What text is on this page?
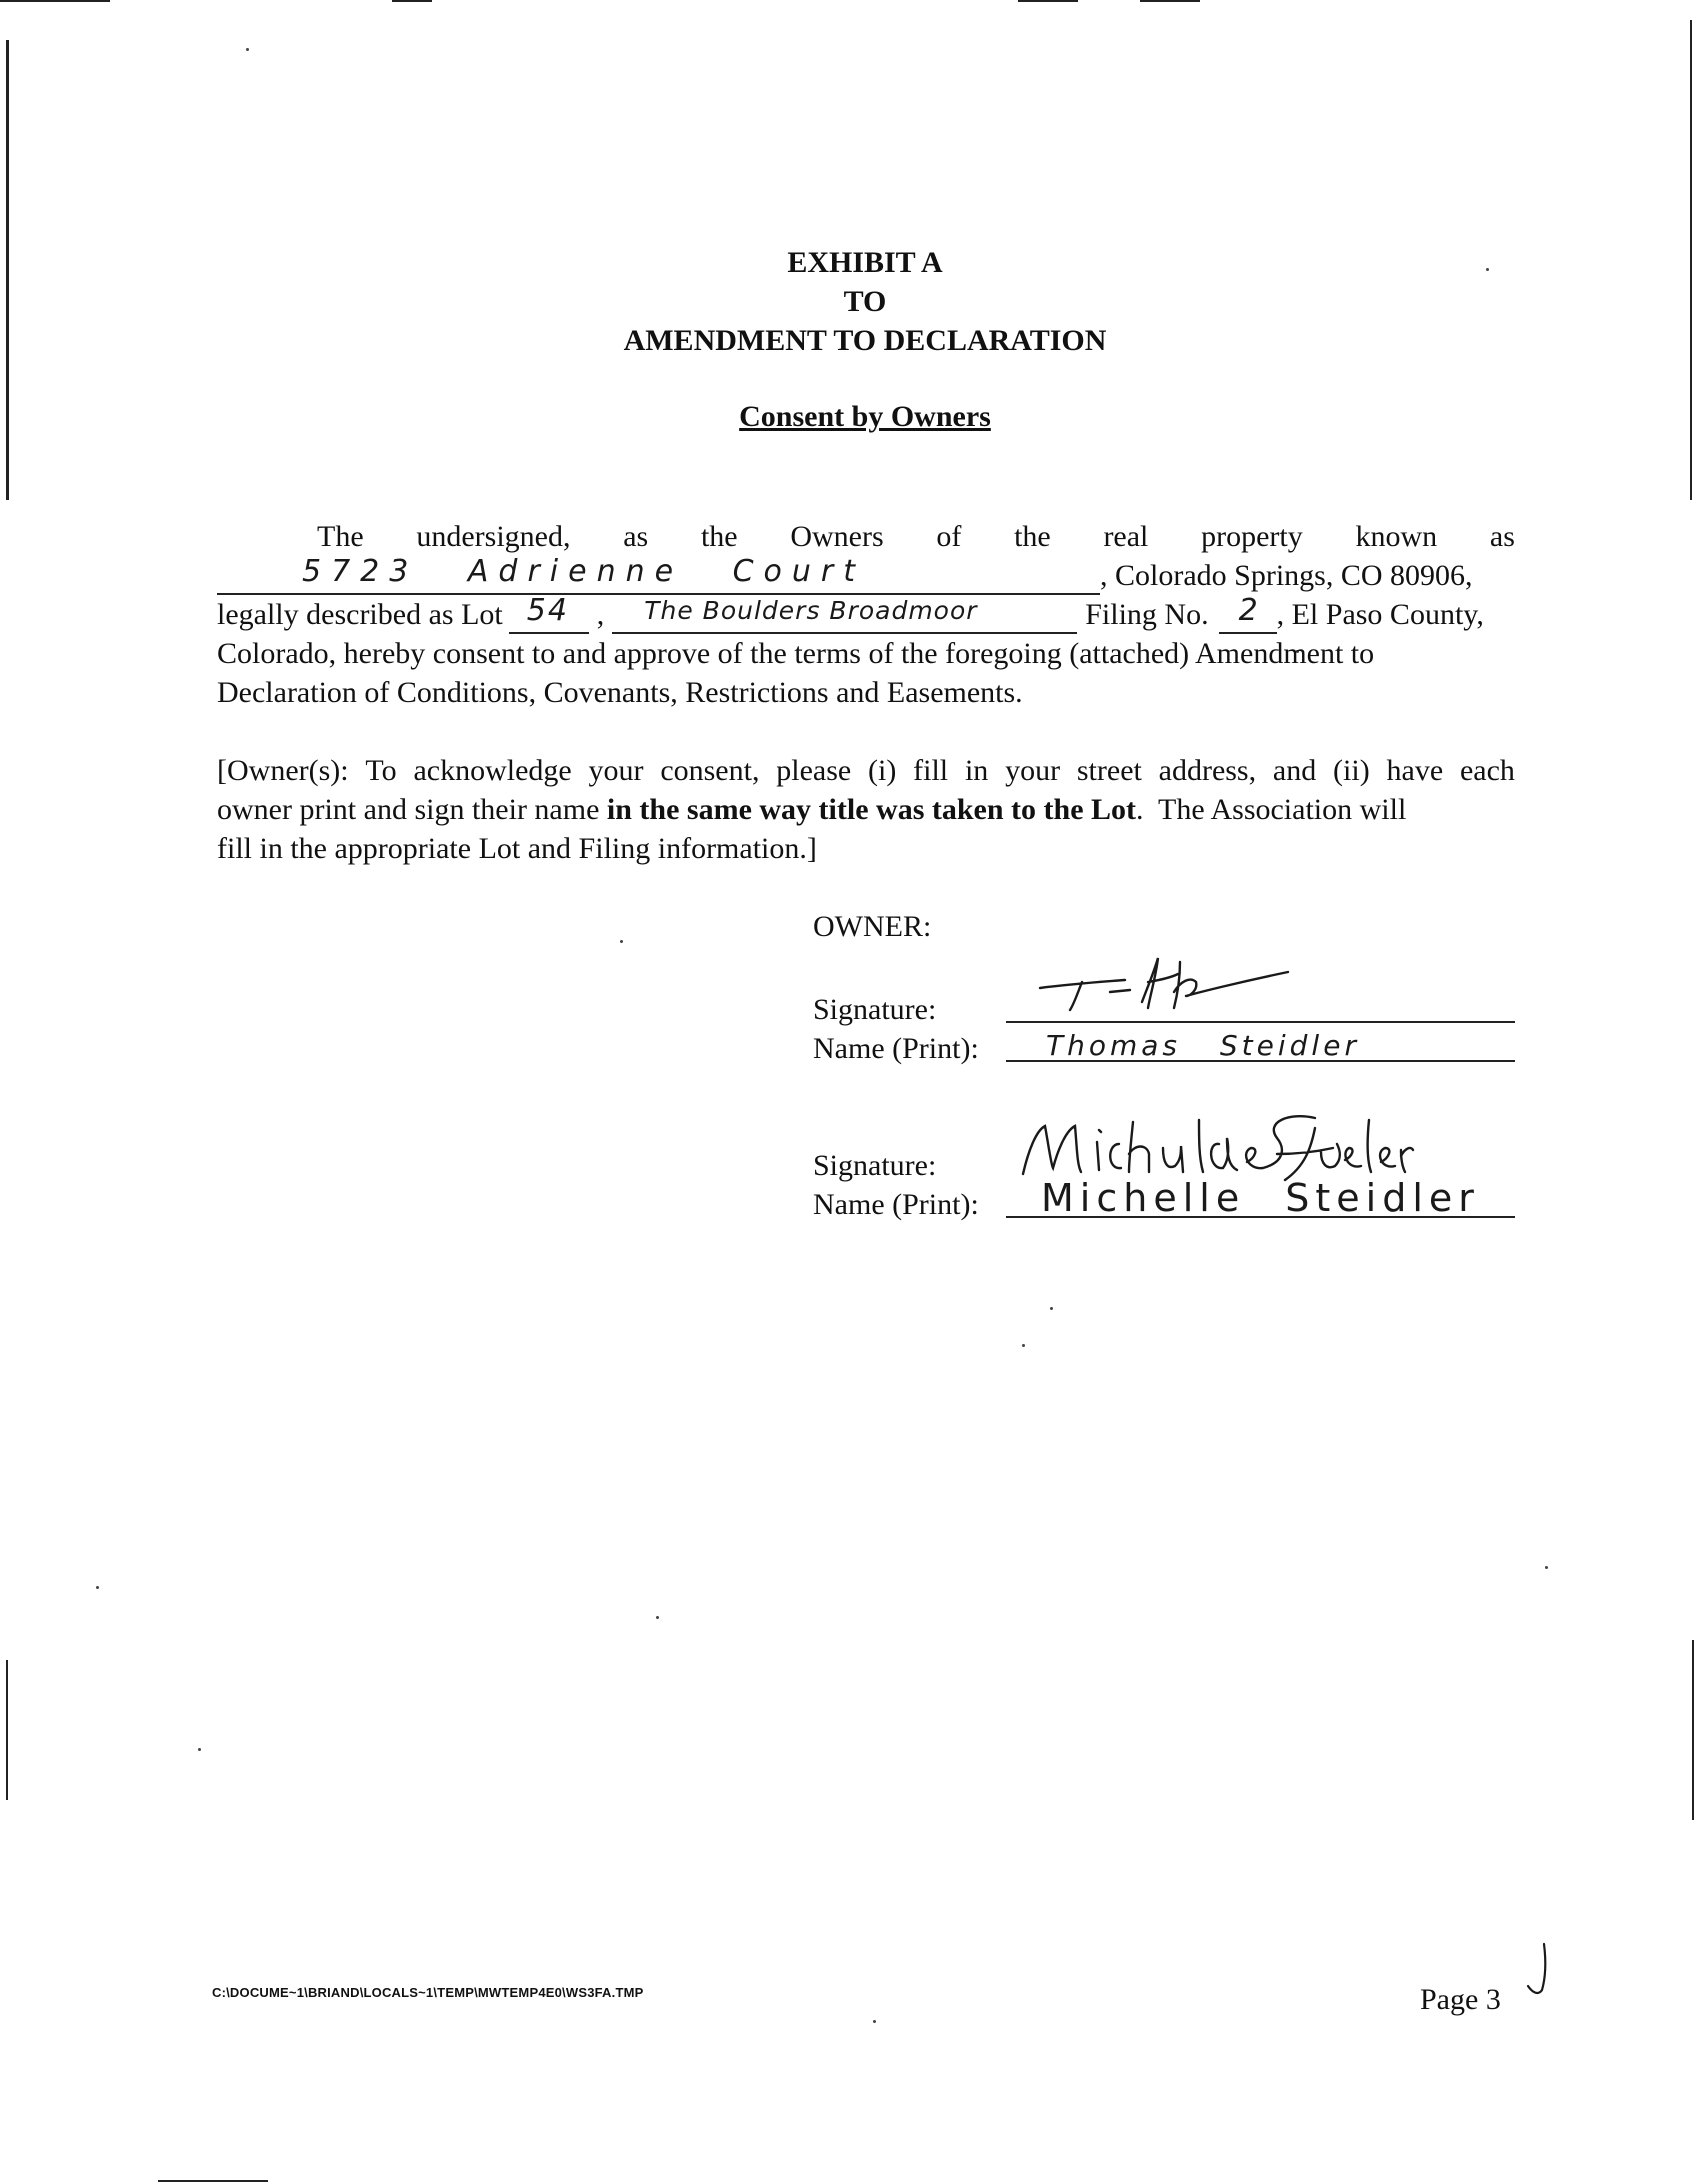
EXHIBIT A
TO
AMENDMENT TO DECLARATION
Consent by Owners
The undersigned, as the Owners of the real property known as
5723 Adrienne Court	, Colorado Springs, CO 80906,
legally described as Lot 54 , The Boulders Broadmoor	Filing No. 2 , El Paso County,
Colorado, hereby consent to and approve of the terms of the foregoing (attached) Amendment to
Declaration of Conditions, Covenants, Restrictions and Easements.
[Owner(s): To acknowledge your consent, please (i) fill in your street address, and (ii) have each
owner print and sign their name in the same way title was taken to the Lot.  The Association will
fill in the appropriate Lot and Filing information.]
OWNER:
Signature:
Name (Print): Thomas Steidler
Signature:
Name (Print): Michelle Steidler
C:\DOCUME~1\BRIAND\LOCALS~1\TEMP\MWTEMP4E0\WS3FA.TMP	Page 3
